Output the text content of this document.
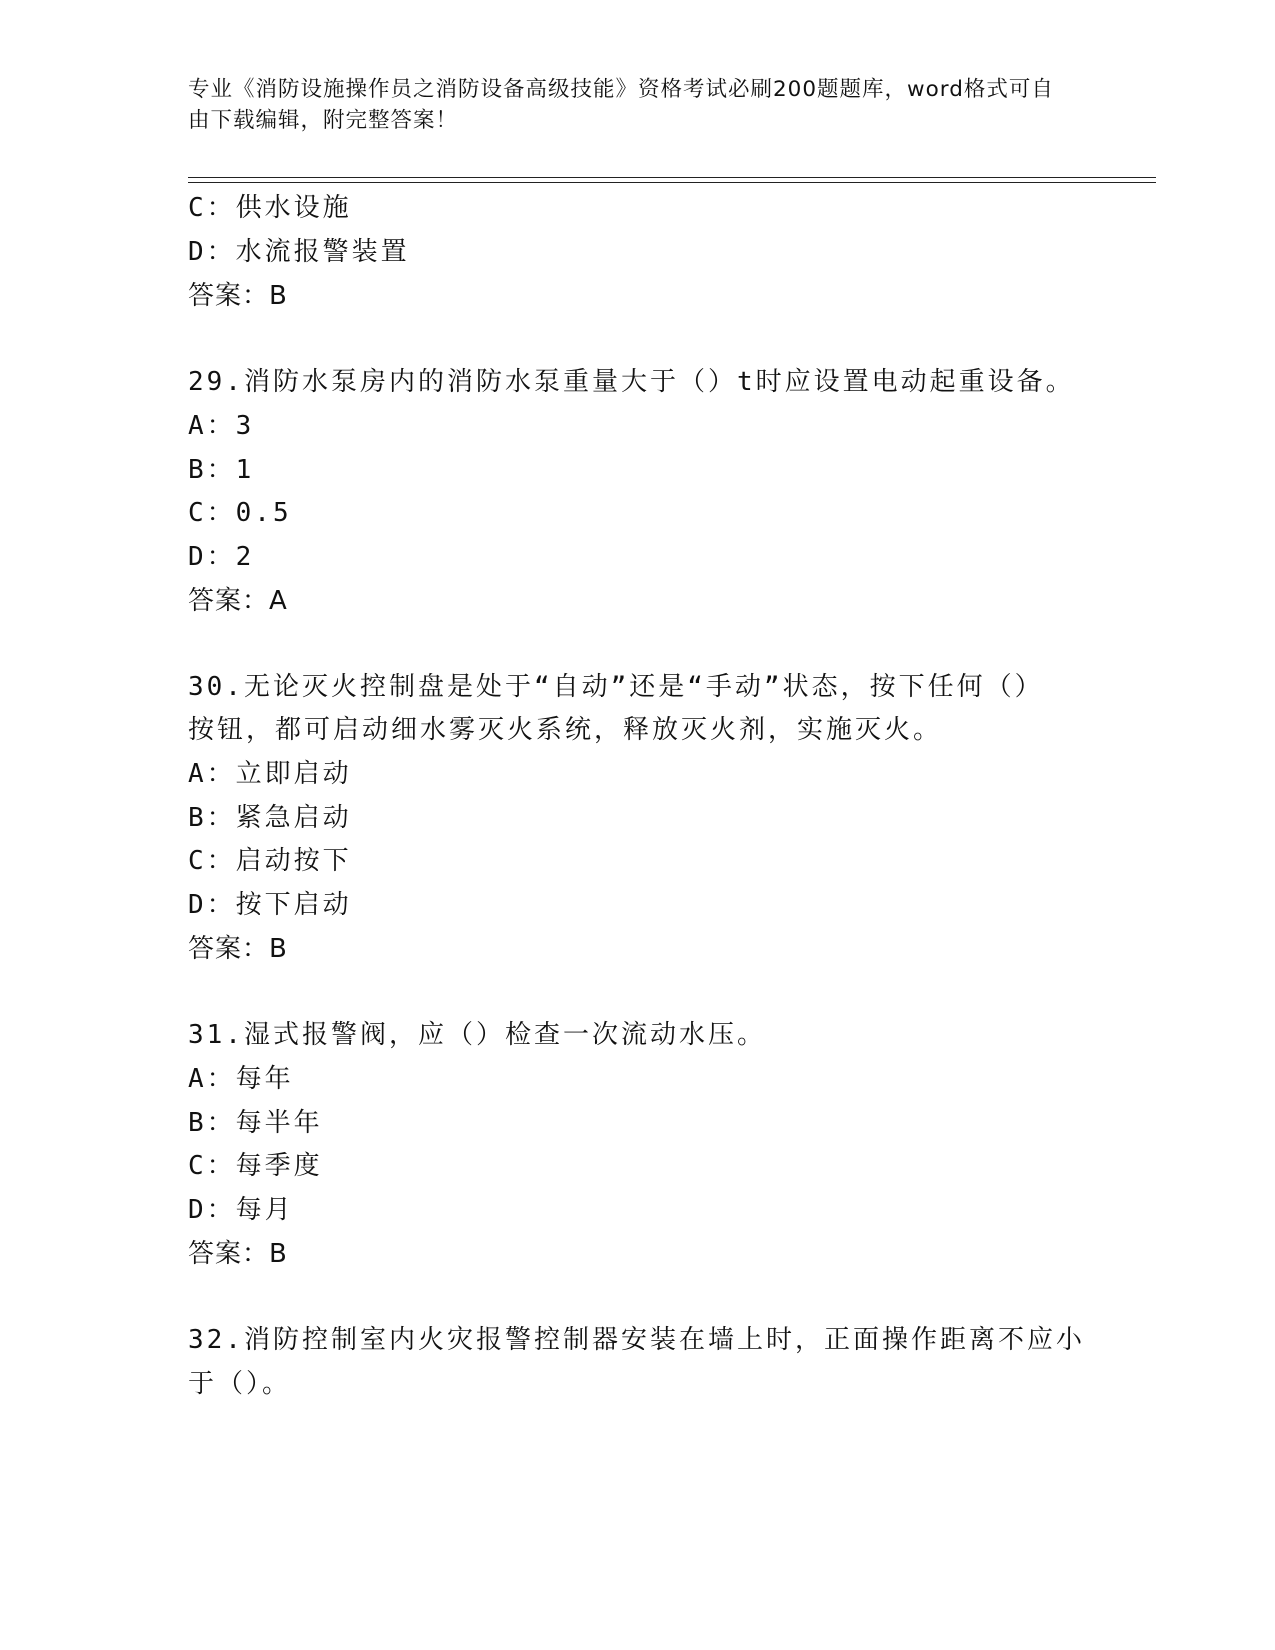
专业《消防设施操作员之消防设备高级技能》资格考试必刷200题题库，word格式可自由下载编辑，附完整答案！
C：供水设施
D：水流报警装置
答案：B
29.消防水泵房内的消防水泵重量大于（）t时应设置电动起重设备。
A：3
B：1
C：0.5
D：2
答案：A
30.无论灭火控制盘是处于“自动”还是“手动”状态，按下任何（）
按钮，都可启动细水雾灭火系统，释放灭火剂，实施灭火。
A：立即启动
B：紧急启动
C：启动按下
D：按下启动
答案：B
31.湿式报警阀，应（）检查一次流动水压。
A：每年
B：每半年
C：每季度
D：每月
答案：B
32.消防控制室内火灾报警控制器安装在墙上时，正面操作距离不应小
于（）。
